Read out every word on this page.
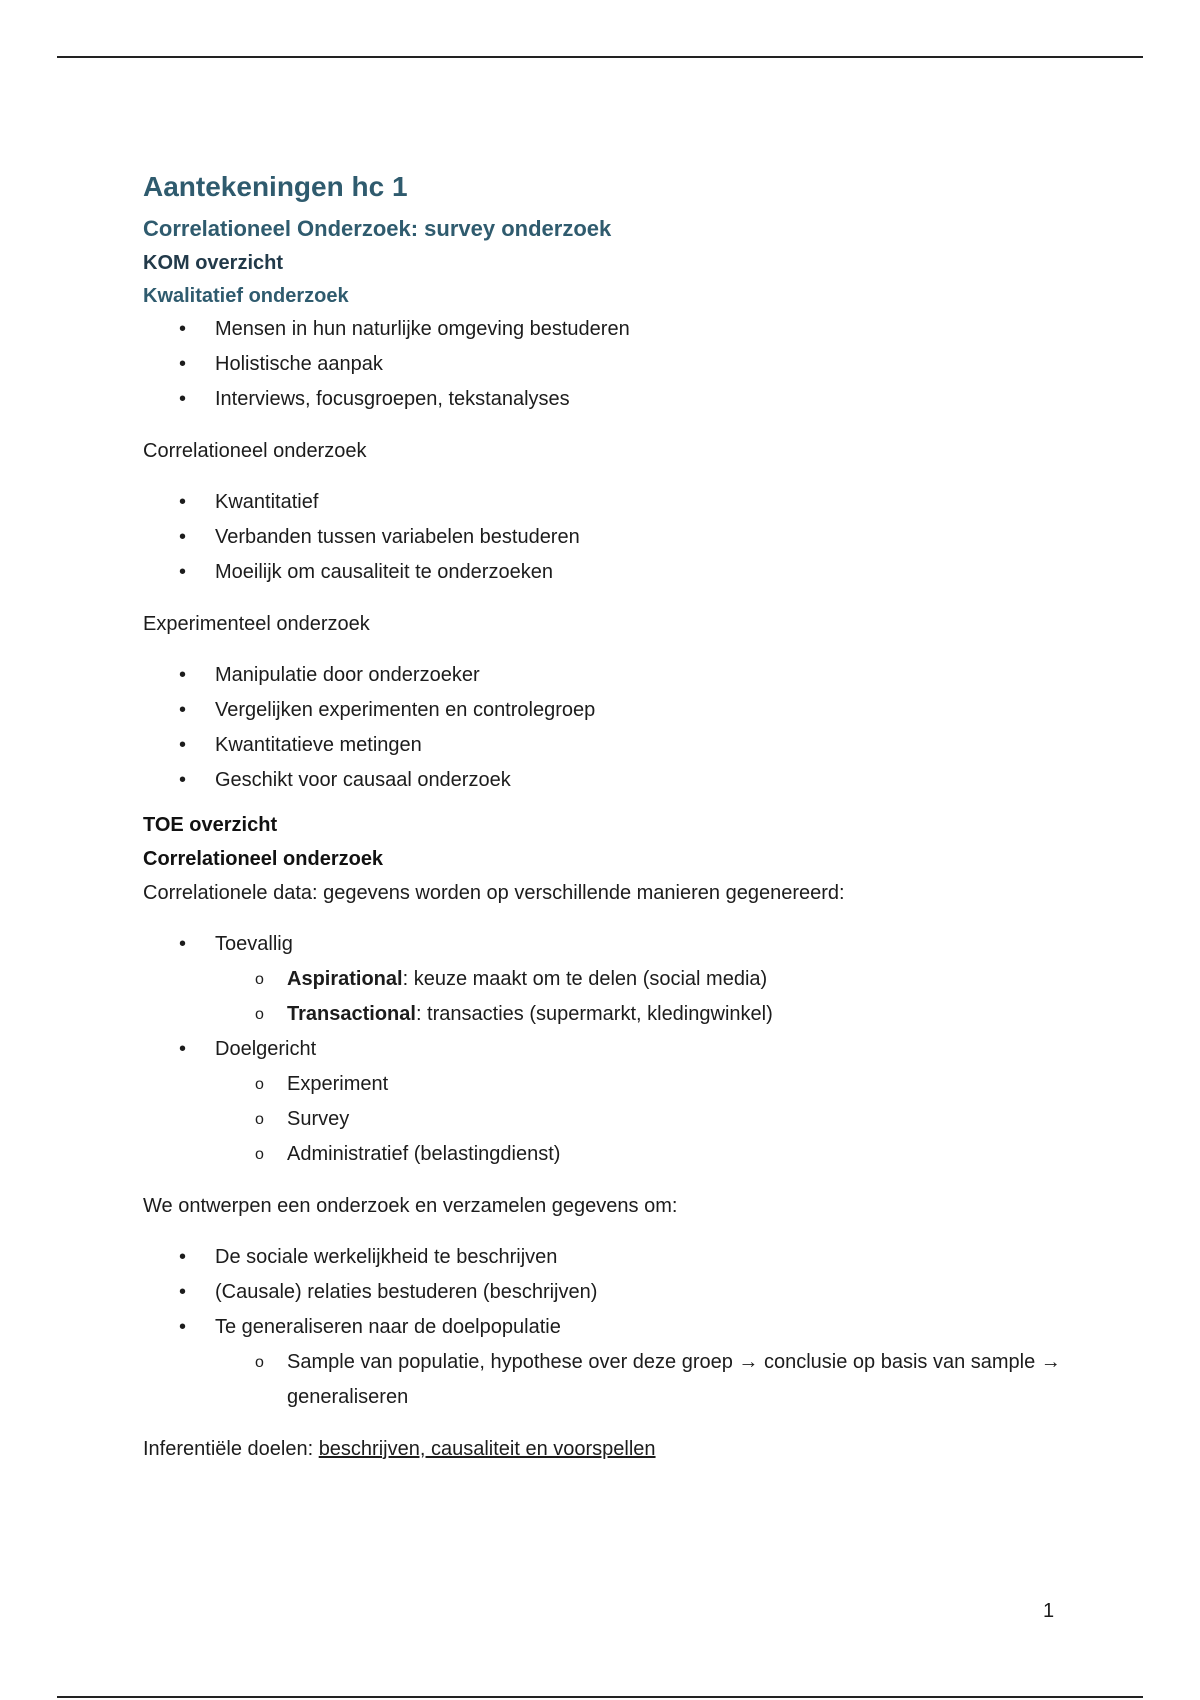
Aantekeningen hc 1
Correlationeel Onderzoek: survey onderzoek
KOM overzicht
Kwalitatief onderzoek
• Mensen in hun naturlijke omgeving bestuderen
• Holistische aanpak
• Interviews, focusgroepen, tekstanalyses

Correlationeel onderzoek

• Kwantitatief
• Verbanden tussen variabelen bestuderen
• Moeilijk om causaliteit te onderzoeken

Experimenteel onderzoek

• Manipulatie door onderzoeker
• Vergelijken experimenten en controlegroep
• Kwantitatieve metingen
• Geschikt voor causaal onderzoek
TOE overzicht
Correlationeel onderzoek

Correlationele data: gegevens worden op verschillende manieren gegenereerd:

• Toevallig
o Aspirational: keuze maakt om te delen (social media)
o Transactional: transacties (supermarkt, kledingwinkel)
• Doelgericht
o Experiment
o Survey
o Administratief (belastingdienst)

We ontwerpen een onderzoek en verzamelen gegevens om:

• De sociale werkelijkheid te beschrijven
• (Causale) relaties bestuderen (beschrijven)
• Te generaliseren naar de doelpopulatie
o Sample van populatie, hypothese over deze groep → conclusie op basis van sample → generaliseren

Inferentiële doelen: beschrijven, causaliteit en voorspellen

1
